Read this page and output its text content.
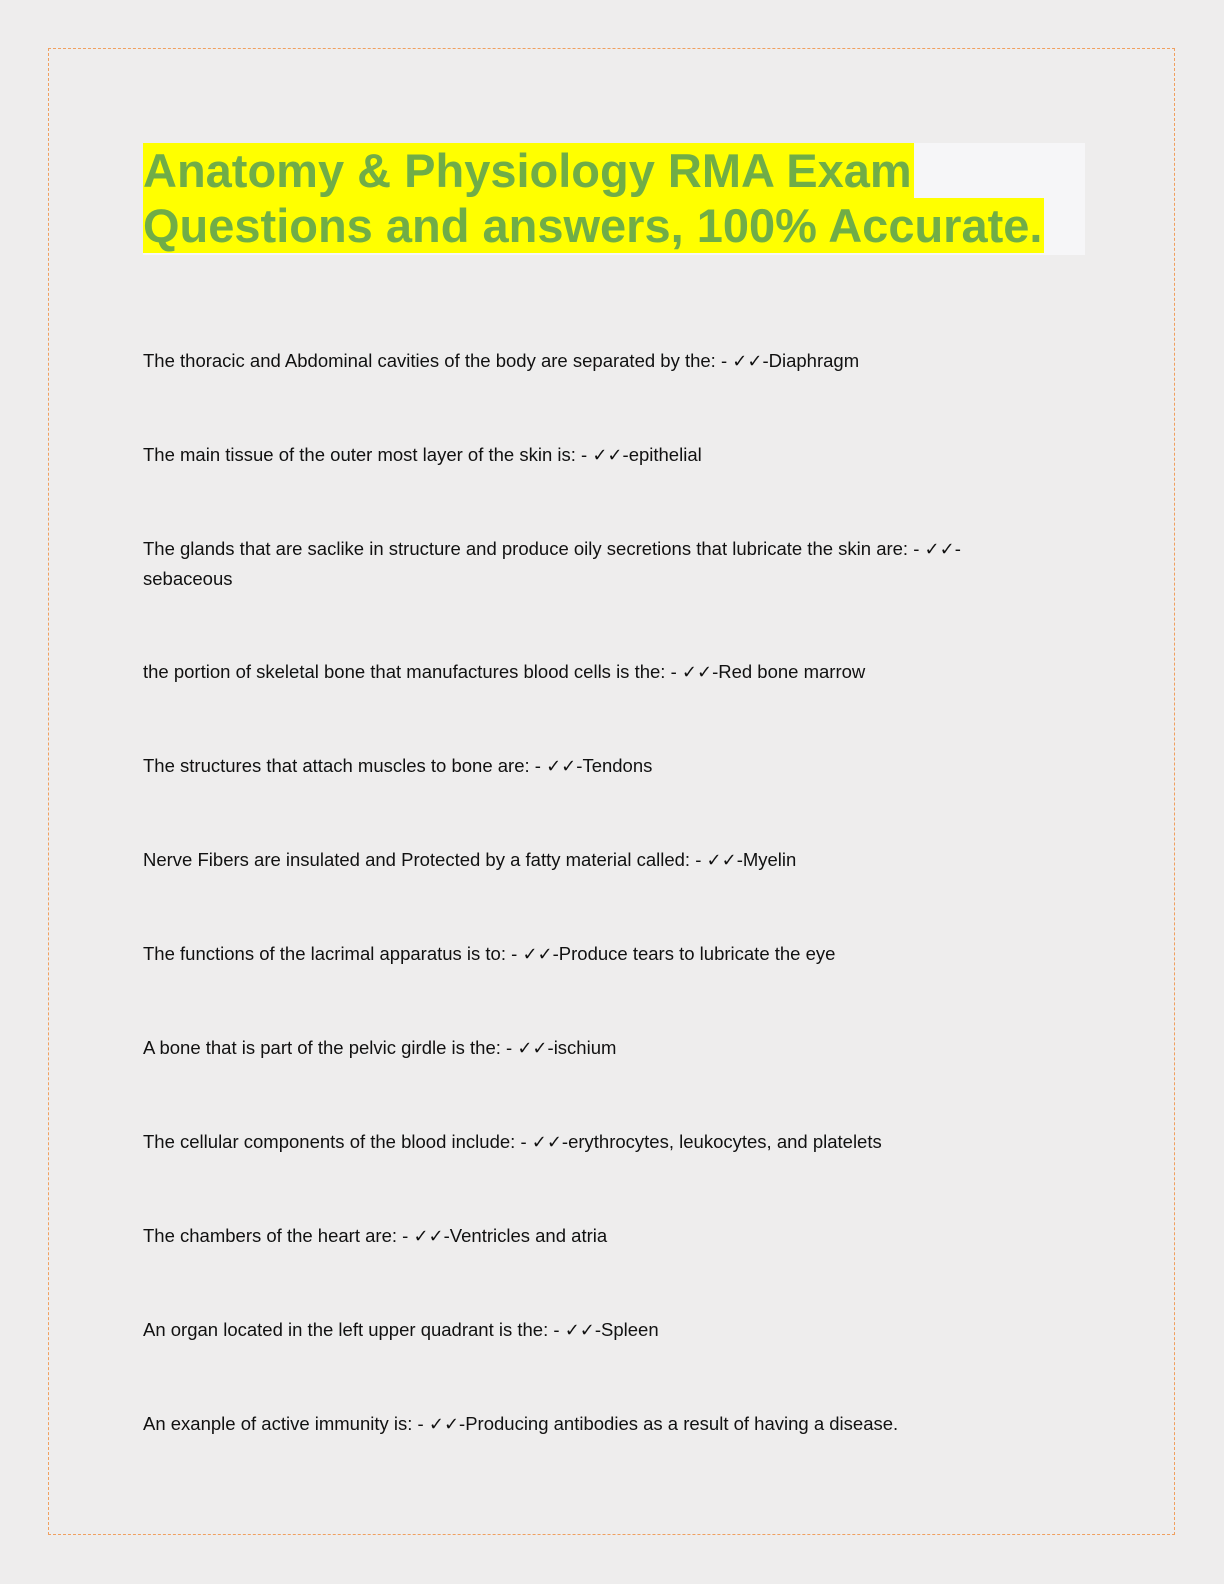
Anatomy & Physiology RMA Exam
Questions and answers, 100% Accurate.
The thoracic and Abdominal cavities of the body are separated by the: - ✓✓-Diaphragm
The main tissue of the outer most layer of the skin is: - ✓✓-epithelial
The glands that are saclike in structure and produce oily secretions that lubricate the skin are: - ✓✓-
sebaceous
the portion of skeletal bone that manufactures blood cells is the: - ✓✓-Red bone marrow
The structures that attach muscles to bone are: - ✓✓-Tendons
Nerve Fibers are insulated and Protected by a fatty material called: - ✓✓-Myelin
The functions of the lacrimal apparatus is to: - ✓✓-Produce tears to lubricate the eye
A bone that is part of the pelvic girdle is the: - ✓✓-ischium
The cellular components of the blood include: - ✓✓-erythrocytes, leukocytes, and platelets
The chambers of the heart are: - ✓✓-Ventricles and atria
An organ located in the left upper quadrant is the: - ✓✓-Spleen
An exanple of active immunity is: - ✓✓-Producing antibodies as a result of having a disease.
